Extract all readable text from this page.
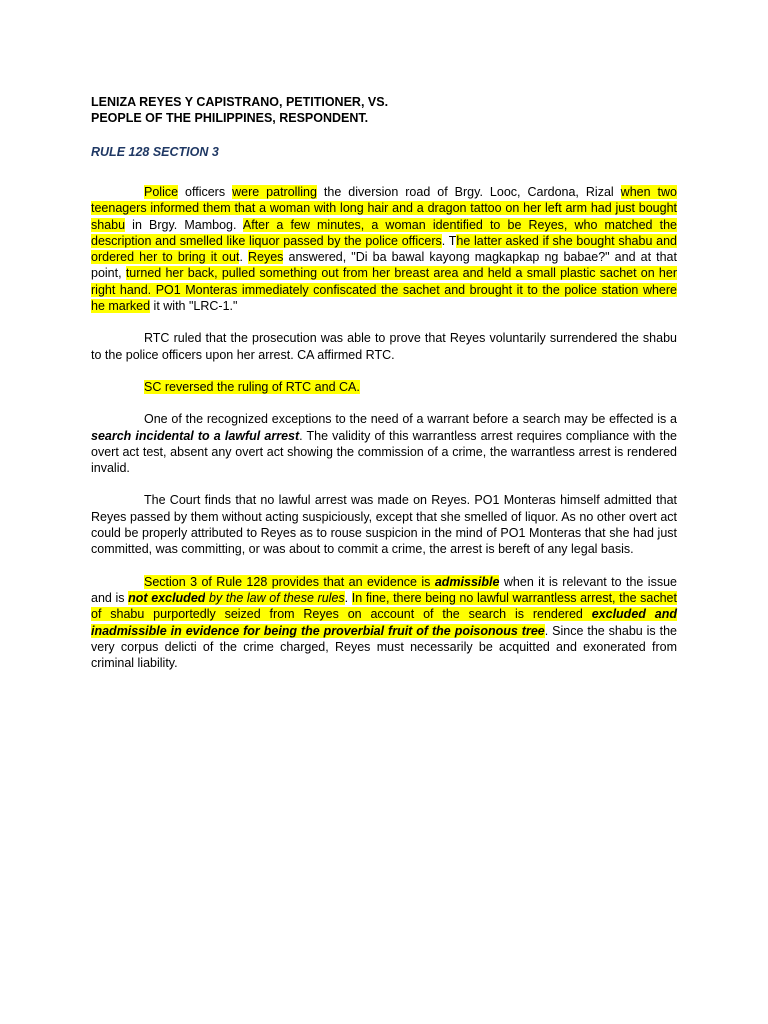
LENIZA REYES Y CAPISTRANO, PETITIONER, VS.
PEOPLE OF THE PHILIPPINES, RESPONDENT.

RULE 128 SECTION 3

Police officers were patrolling the diversion road of Brgy. Looc, Cardona, Rizal when two teenagers informed them that a woman with long hair and a dragon tattoo on her left arm had just bought shabu in Brgy. Mambog. After a few minutes, a woman identified to be Reyes, who matched the description and smelled like liquor passed by the police officers. The latter asked if she bought shabu and ordered her to bring it out. Reyes answered, "Di ba bawal kayong magkapkap ng babae?" and at that point, turned her back, pulled something out from her breast area and held a small plastic sachet on her right hand. PO1 Monteras immediately confiscated the sachet and brought it to the police station where he marked it with "LRC-1."

RTC ruled that the prosecution was able to prove that Reyes voluntarily surrendered the shabu to the police officers upon her arrest. CA affirmed RTC.

SC reversed the ruling of RTC and CA.

One of the recognized exceptions to the need of a warrant before a search may be effected is a search incidental to a lawful arrest. The validity of this warrantless arrest requires compliance with the overt act test, absent any overt act showing the commission of a crime, the warrantless arrest is rendered invalid.

The Court finds that no lawful arrest was made on Reyes. PO1 Monteras himself admitted that Reyes passed by them without acting suspiciously, except that she smelled of liquor. As no other overt act could be properly attributed to Reyes as to rouse suspicion in the mind of PO1 Monteras that she had just committed, was committing, or was about to commit a crime, the arrest is bereft of any legal basis.

Section 3 of Rule 128 provides that an evidence is admissible when it is relevant to the issue and is not excluded by the law of these rules. In fine, there being no lawful warrantless arrest, the sachet of shabu purportedly seized from Reyes on account of the search is rendered excluded and inadmissible in evidence for being the proverbial fruit of the poisonous tree. Since the shabu is the very corpus delicti of the crime charged, Reyes must necessarily be acquitted and exonerated from criminal liability.
